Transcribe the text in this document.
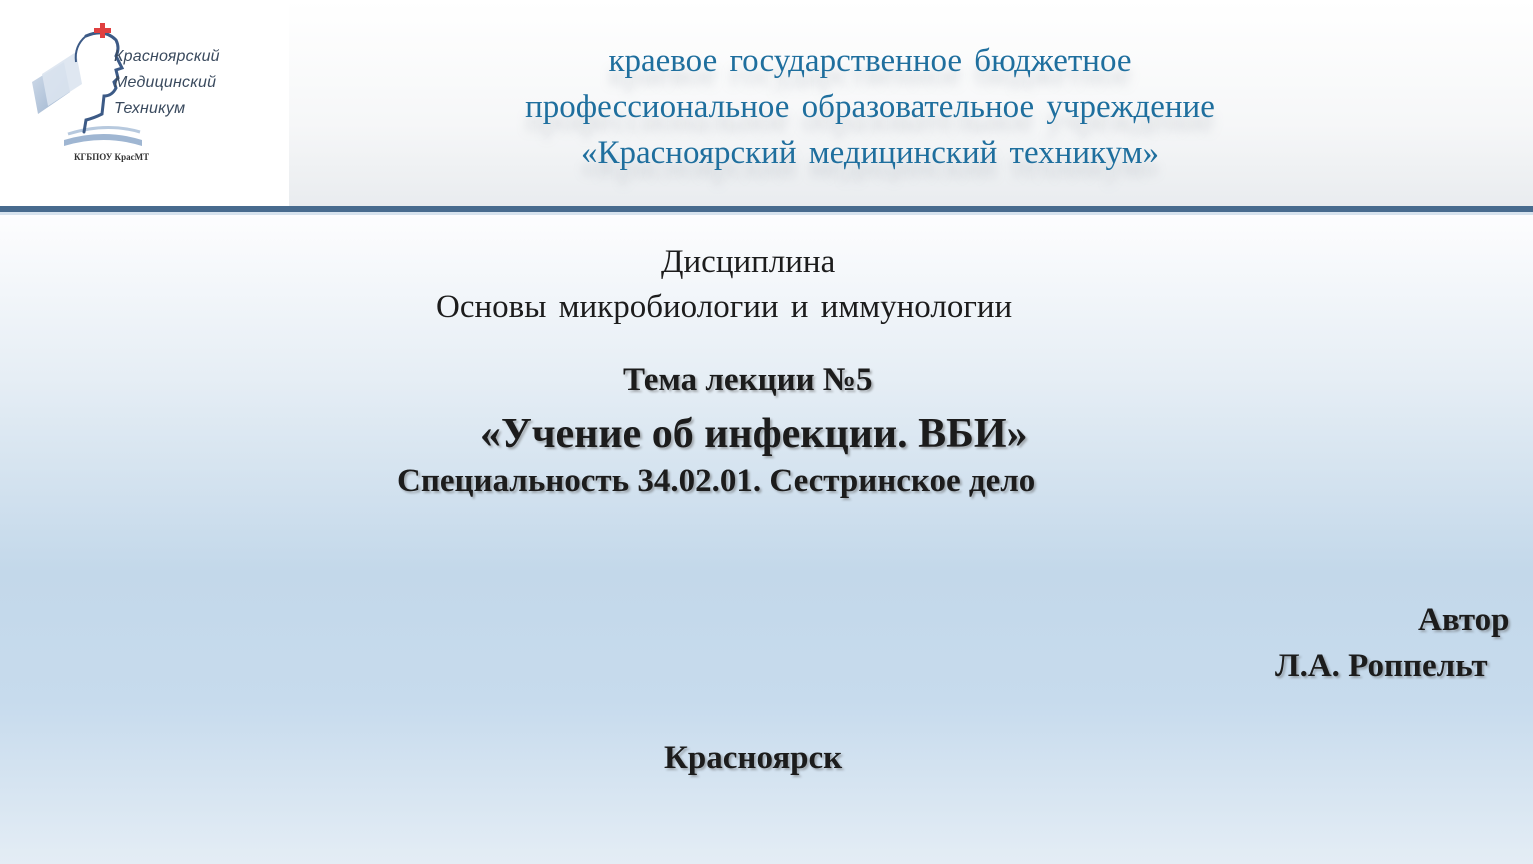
Красноярский
Медицинский
Техникум
КГБПОУ КрасМТ
краевое государственное бюджетное
профессиональное образовательное учреждение
«Красноярский медицинский техникум»
Дисциплина
Основы микробиологии и иммунологии
Тема лекции №5
«Учение об инфекции. ВБИ»
Специальность 34.02.01. Сестринское дело
Автор
Л.А. Роппельт
Красноярск
